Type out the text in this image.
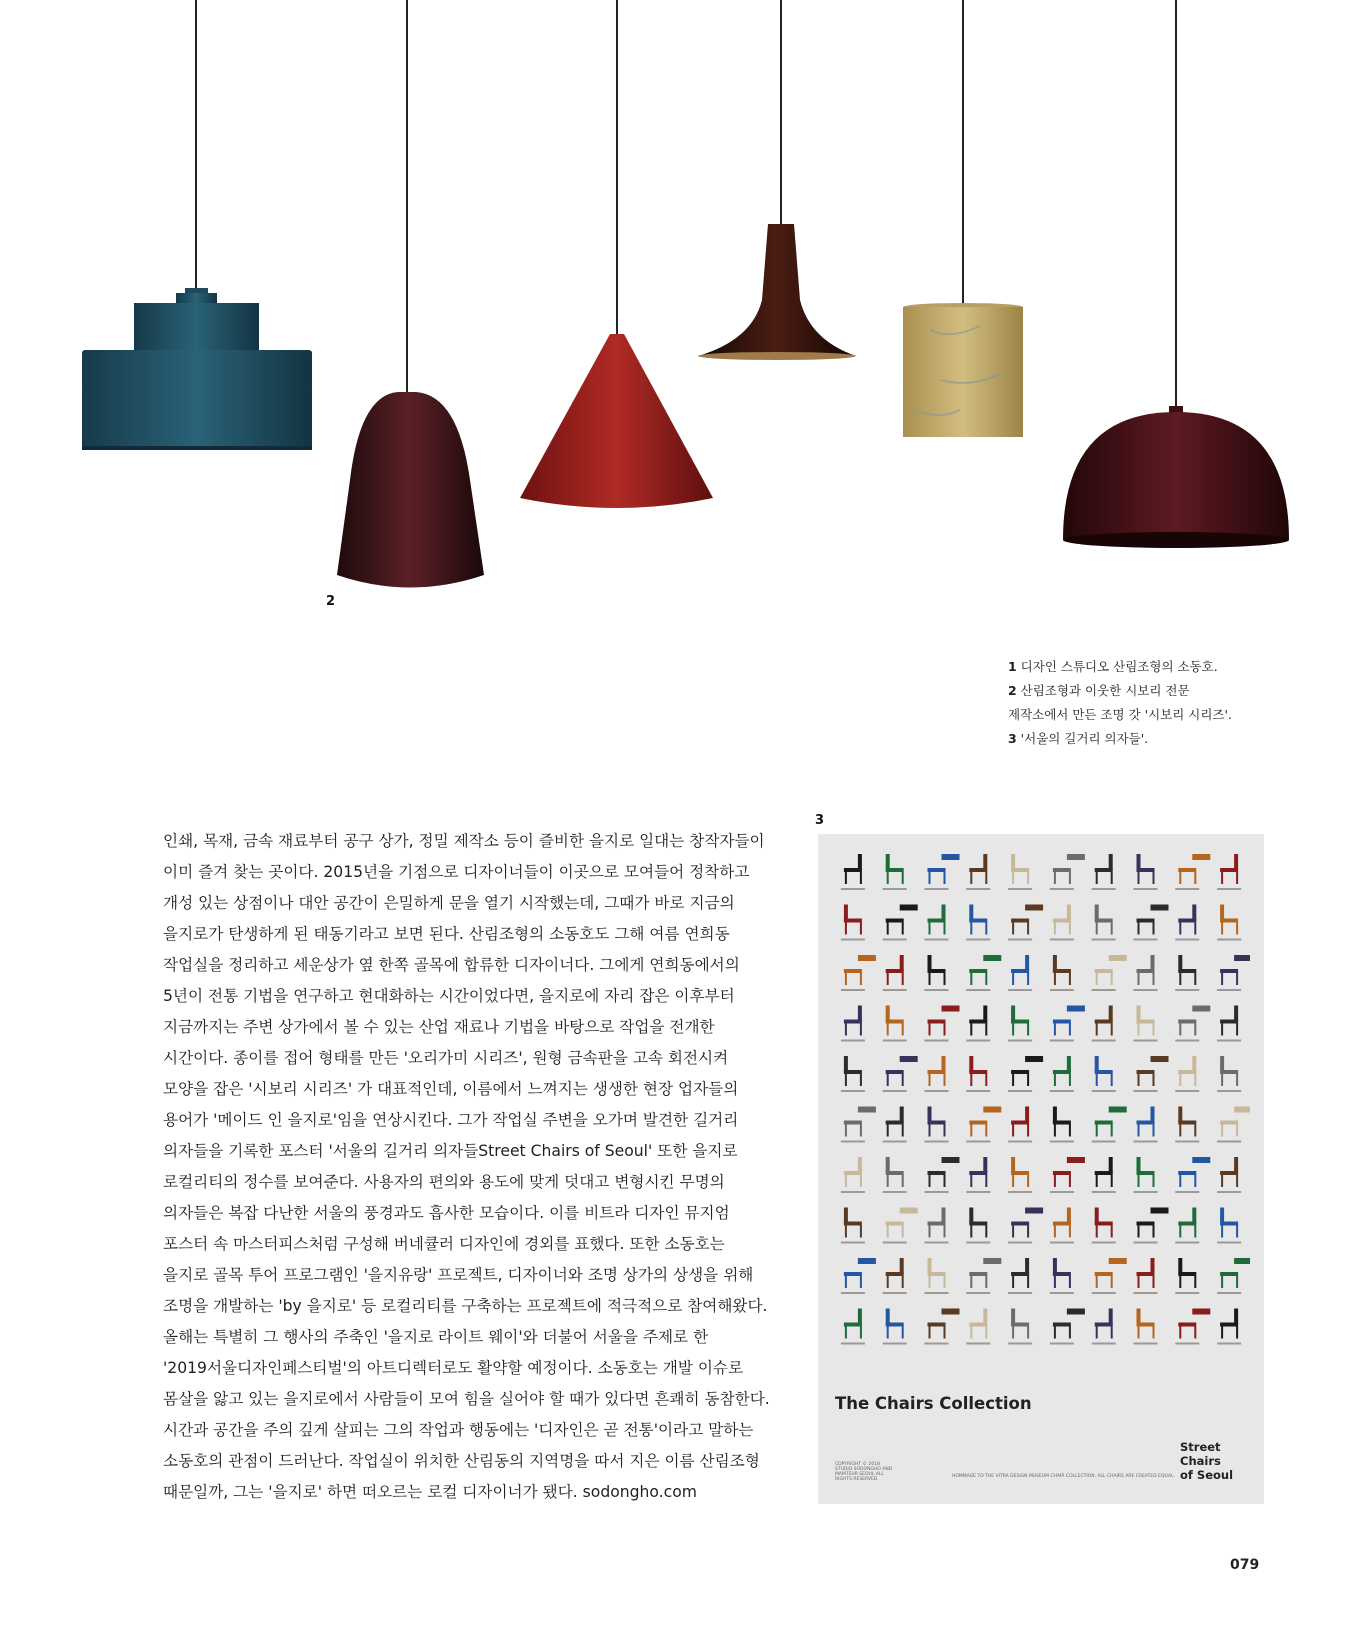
2
1 디자인 스튜디오 산림조형의 소동호.
2 산림조형과 이웃한 시보리 전문
제작소에서 만든 조명 갓 '시보리 시리즈'.
3 '서울의 길거리 의자들'.

인쇄, 목재, 금속 재료부터 공구 상가, 정밀 제작소 등이 즐비한 을지로 일대는 창작자들이

이미 즐겨 찾는 곳이다. 2015년을 기점으로 디자이너들이 이곳으로 모여들어 정착하고

개성 있는 상점이나 대안 공간이 은밀하게 문을 열기 시작했는데, 그때가 바로 지금의

을지로가 탄생하게 된 태동기라고 보면 된다. 산림조형의 소동호도 그해 여름 연희동

작업실을 정리하고 세운상가 옆 한쪽 골목에 합류한 디자이너다. 그에게 연희동에서의

5년이 전통 기법을 연구하고 현대화하는 시간이었다면, 을지로에 자리 잡은 이후부터

지금까지는 주변 상가에서 볼 수 있는 산업 재료나 기법을 바탕으로 작업을 전개한

시간이다. 종이를 접어 형태를 만든 '오리가미 시리즈', 원형 금속판을 고속 회전시켜

모양을 잡은 '시보리 시리즈' 가 대표적인데, 이름에서 느껴지는 생생한 현장 업자들의

용어가 '메이드 인 을지로'임을 연상시킨다. 그가 작업실 주변을 오가며 발견한 길거리

의자들을 기록한 포스터 '서울의 길거리 의자들Street Chairs of Seoul' 또한 을지로

로컬리티의 정수를 보여준다. 사용자의 편의와 용도에 맞게 덧대고 변형시킨 무명의

의자들은 복잡 다난한 서울의 풍경과도 흡사한 모습이다. 이를 비트라 디자인 뮤지엄

포스터 속 마스터피스처럼 구성해 버네큘러 디자인에 경외를 표했다. 또한 소동호는

을지로 골목 투어 프로그램인 '을지유랑' 프로젝트, 디자이너와 조명 상가의 상생을 위해

조명을 개발하는 'by 을지로' 등 로컬리티를 구축하는 프로젝트에 적극적으로 참여해왔다.

올해는 특별히 그 행사의 주축인 '을지로 라이트 웨이'와 더불어 서울을 주제로 한

'2019서울디자인페스티벌'의 아트디렉터로도 활약할 예정이다. 소동호는 개발 이슈로

몸살을 앓고 있는 을지로에서 사람들이 모여 힘을 실어야 할 때가 있다면 흔쾌히 동참한다.

시간과 공간을 주의 깊게 살피는 그의 작업과 행동에는 '디자인은 곧 전통'이라고 말하는

소동호의 관점이 드러난다. 작업실이 위치한 산림동의 지역명을 따서 지은 이름 산림조형

때문일까, 그는 '을지로' 하면 떠오르는 로컬 디자이너가 됐다. sodongho.com

3
The Chairs Collection
COPYRIGHT © 2018 STUDIO SODONGHO AND MAMTEUR SEOUL ALL RIGHTS RESERVED
HOMMAGE TO THE VITRA DESIGN MUSEUM CHAIR COLLECTION. ALL CHAIRS ARE CREATED EQUAL.
Street
Chairs
of Seoul
079
